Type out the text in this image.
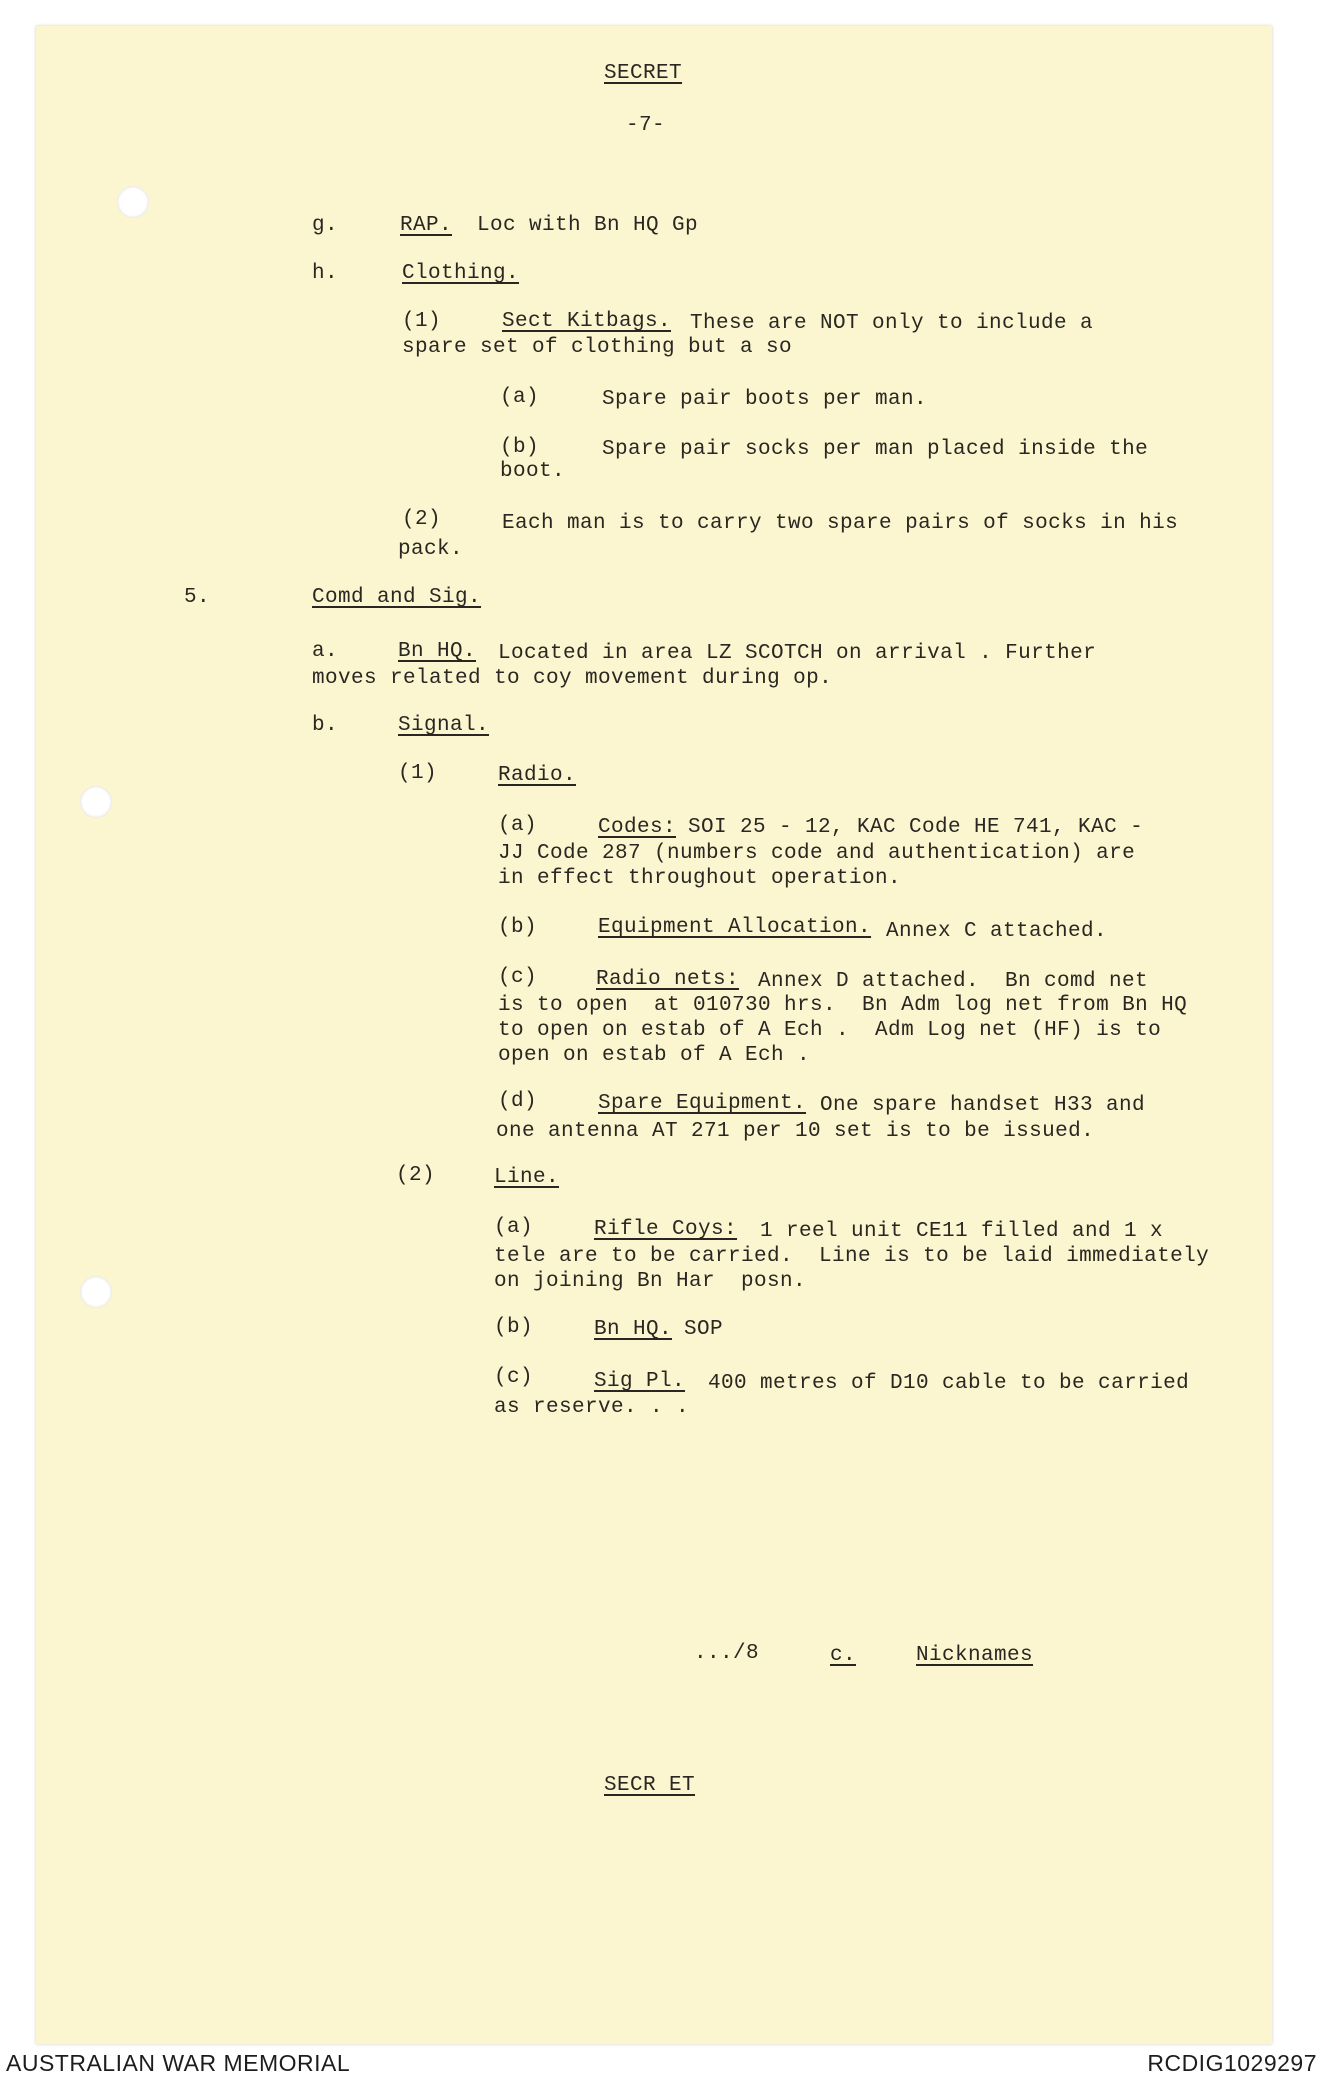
SECRET
-7-
g.	RAP. Loc with Bn HQ Gp
h.	Clothing.
(1)	Sect Kitbags. These are NOT only to include a
spare set of clothing but a so
(a)	Spare pair boots per man.
(b)	Spare pair socks per man placed inside the
boot.
(2)	Each man is to carry two spare pairs of socks in his
pack.
5.	Comd and Sig.
a.	Bn HQ. Located in area LZ SCOTCH on arrival . Further
moves related to coy movement during op.
b.	Signal.
(1)	Radio.
(a)	Codes: SOI 25 - 12, KAC Code HE 741, KAC -
JJ Code 287 (numbers code and authentication) are
in effect throughout operation.
(b)	Equipment Allocation. Annex C attached.
(c)	Radio nets: Annex D attached.  Bn comd net
is to open  at 010730 hrs.  Bn Adm log net from Bn HQ
to open on estab of A Ech .  Adm Log net (HF) is to
open on estab of A Ech .
(d)	Spare Equipment. One spare handset H33 and
one antenna AT 271 per 10 set is to be issued.
(2)	Line.
(a)	Rifle Coys: 1 reel unit CE11 filled and 1 x
tele are to be carried.  Line is to be laid immediately
on joining Bn Har  posn.
(b)	Bn HQ. SOP
(c)	Sig Pl. 400 metres of D10 cable to be carried
as reserve. . .
.../8	c.	Nicknames
SECR ET
AUSTRALIAN WAR MEMORIAL	RCDIG1029297
